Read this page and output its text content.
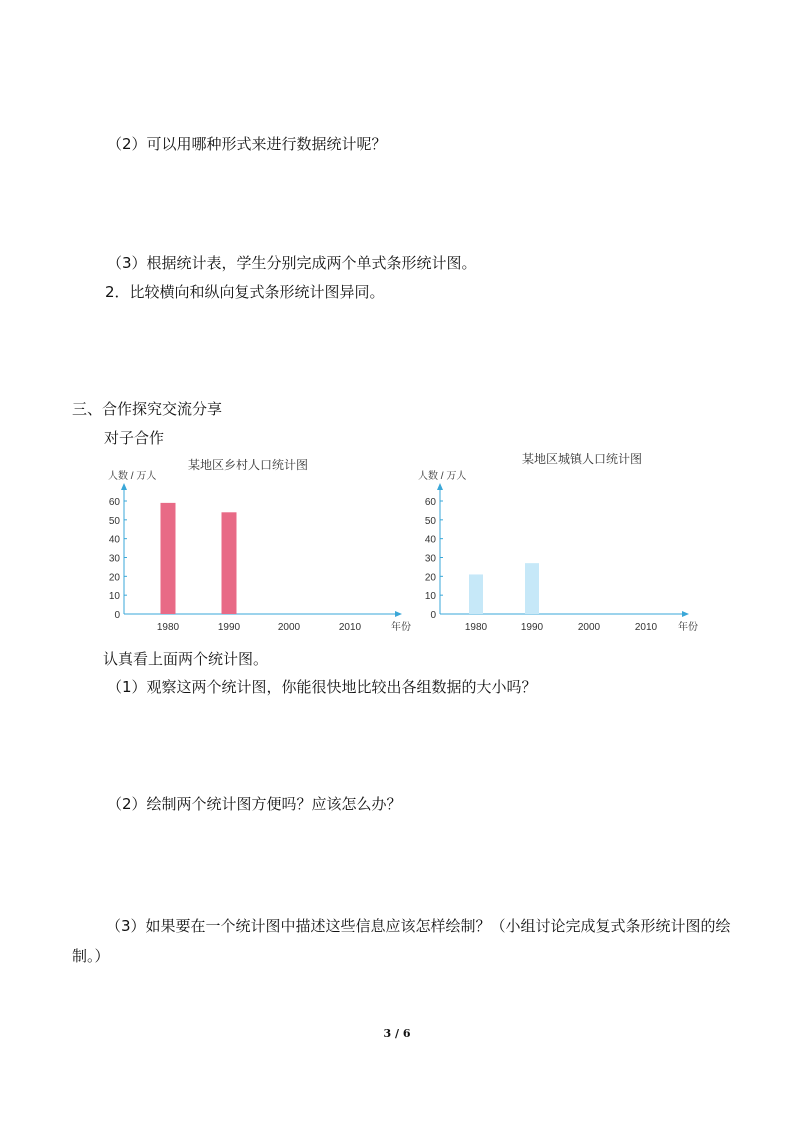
（2）可以用哪种形式来进行数据统计呢？
（3）根据统计表，学生分别完成两个单式条形统计图。
2．比较横向和纵向复式条形统计图异同。
三、合作探究交流分享
对子合作
某地区乡村人口统计图
人数 / 万人
年份
0
10
20
30
40
50
60
1980	1990	2000	2010
某地区城镇人口统计图
人数 / 万人
年份
0
10
20
30
40
50
60
1980	1990	2000	2010
认真看上面两个统计图。
（1）观察这两个统计图，你能很快地比较出各组数据的大小吗？
（2）绘制两个统计图方便吗？应该怎么办？
（3）如果要在一个统计图中描述这些信息应该怎样绘制？（小组讨论完成复式条形统计图的绘制。）
3 / 6
